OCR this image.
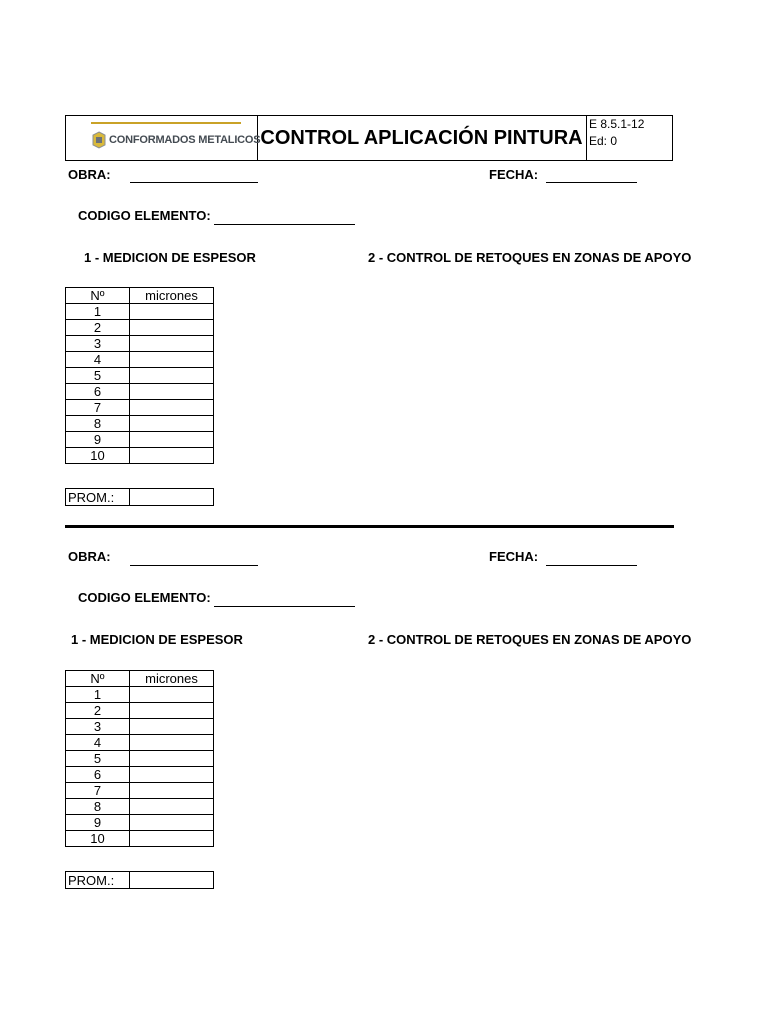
CONFORMADOS METALICOS CONTROL APLICACIÓN PINTURA
E 8.5.1-12
Ed: 0
OBRA:	FECHA:
CODIGO ELEMENTO:
1 - MEDICION DE ESPESOR	2 - CONTROL DE RETOQUES EN ZONAS DE APOYO
Nº	micrones
1	
2	
3	
4	
5	
6	
7	
8	
9	
10	
PROM.:	
OBRA:	FECHA:
CODIGO ELEMENTO:
1 - MEDICION DE ESPESOR	2 - CONTROL DE RETOQUES EN ZONAS DE APOYO
Nº	micrones
1	
2	
3	
4	
5	
6	
7	
8	
9	
10	
PROM.:	
